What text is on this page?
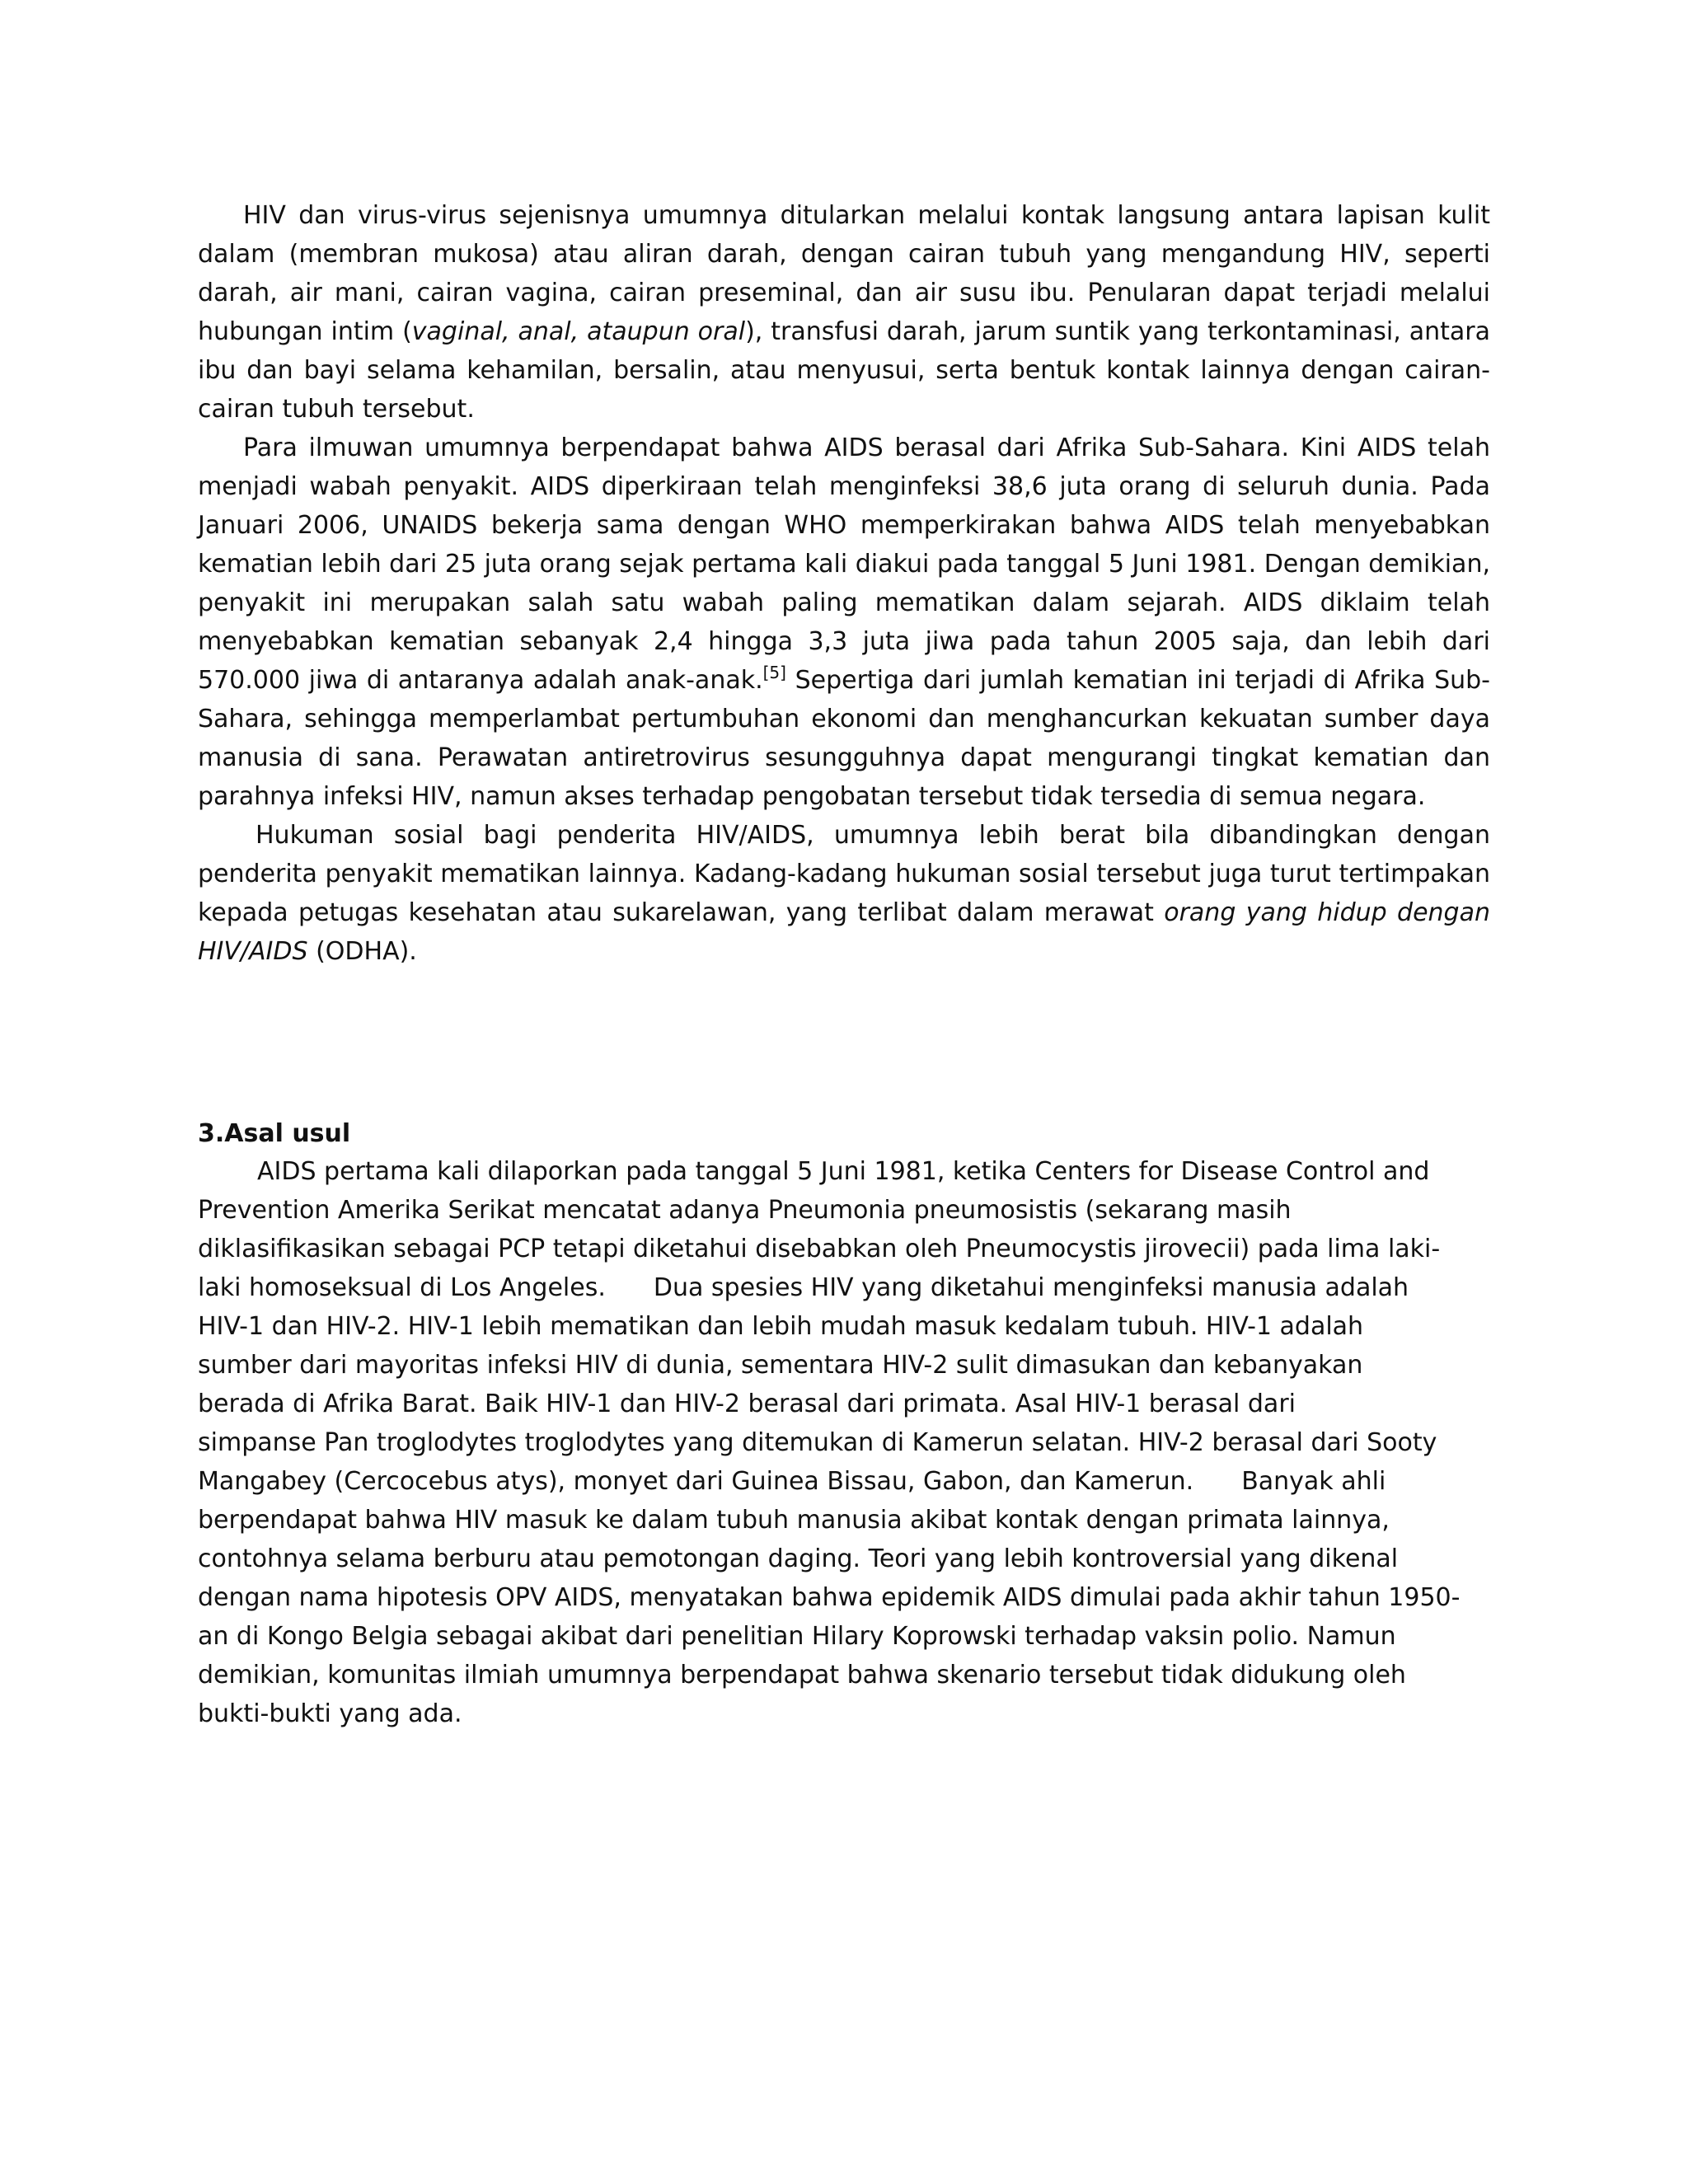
HIV dan virus-virus sejenisnya umumnya ditularkan melalui kontak langsung antara lapisan kulit dalam (membran mukosa) atau aliran darah, dengan cairan tubuh yang mengandung HIV, seperti darah, air mani, cairan vagina, cairan preseminal, dan air susu ibu. Penularan dapat terjadi melalui hubungan intim (vaginal, anal, ataupun oral), transfusi darah, jarum suntik yang terkontaminasi, antara ibu dan bayi selama kehamilan, bersalin, atau menyusui, serta bentuk kontak lainnya dengan cairan-cairan tubuh tersebut.

Para ilmuwan umumnya berpendapat bahwa AIDS berasal dari Afrika Sub-Sahara. Kini AIDS telah menjadi wabah penyakit. AIDS diperkiraan telah menginfeksi 38,6 juta orang di seluruh dunia. Pada Januari 2006, UNAIDS bekerja sama dengan WHO memperkirakan bahwa AIDS telah menyebabkan kematian lebih dari 25 juta orang sejak pertama kali diakui pada tanggal 5 Juni 1981. Dengan demikian, penyakit ini merupakan salah satu wabah paling mematikan dalam sejarah. AIDS diklaim telah menyebabkan kematian sebanyak 2,4 hingga 3,3 juta jiwa pada tahun 2005 saja, dan lebih dari 570.000 jiwa di antaranya adalah anak-anak.[5] Sepertiga dari jumlah kematian ini terjadi di Afrika Sub-Sahara, sehingga memperlambat pertumbuhan ekonomi dan menghancurkan kekuatan sumber daya manusia di sana. Perawatan antiretrovirus sesungguhnya dapat mengurangi tingkat kematian dan parahnya infeksi HIV, namun akses terhadap pengobatan tersebut tidak tersedia di semua negara.

Hukuman sosial bagi penderita HIV/AIDS, umumnya lebih berat bila dibandingkan dengan penderita penyakit mematikan lainnya. Kadang-kadang hukuman sosial tersebut juga turut tertimpakan kepada petugas kesehatan atau sukarelawan, yang terlibat dalam merawat orang yang hidup dengan HIV/AIDS (ODHA).

3.Asal usul
AIDS pertama kali dilaporkan pada tanggal 5 Juni 1981, ketika Centers for Disease Control and
Prevention Amerika Serikat mencatat adanya Pneumonia pneumosistis (sekarang masih
diklasifikasikan sebagai PCP tetapi diketahui disebabkan oleh Pneumocystis jirovecii) pada lima laki-
laki homoseksual di Los Angeles. Dua spesies HIV yang diketahui menginfeksi manusia adalah
HIV-1 dan HIV-2. HIV-1 lebih mematikan dan lebih mudah masuk kedalam tubuh. HIV-1 adalah
sumber dari mayoritas infeksi HIV di dunia, sementara HIV-2 sulit dimasukan dan kebanyakan
berada di Afrika Barat. Baik HIV-1 dan HIV-2 berasal dari primata. Asal HIV-1 berasal dari
simpanse Pan troglodytes troglodytes yang ditemukan di Kamerun selatan. HIV-2 berasal dari Sooty
Mangabey (Cercocebus atys), monyet dari Guinea Bissau, Gabon, dan Kamerun. Banyak ahli
berpendapat bahwa HIV masuk ke dalam tubuh manusia akibat kontak dengan primata lainnya,
contohnya selama berburu atau pemotongan daging. Teori yang lebih kontroversial yang dikenal
dengan nama hipotesis OPV AIDS, menyatakan bahwa epidemik AIDS dimulai pada akhir tahun 1950-
an di Kongo Belgia sebagai akibat dari penelitian Hilary Koprowski terhadap vaksin polio. Namun
demikian, komunitas ilmiah umumnya berpendapat bahwa skenario tersebut tidak didukung oleh
bukti-bukti yang ada.
